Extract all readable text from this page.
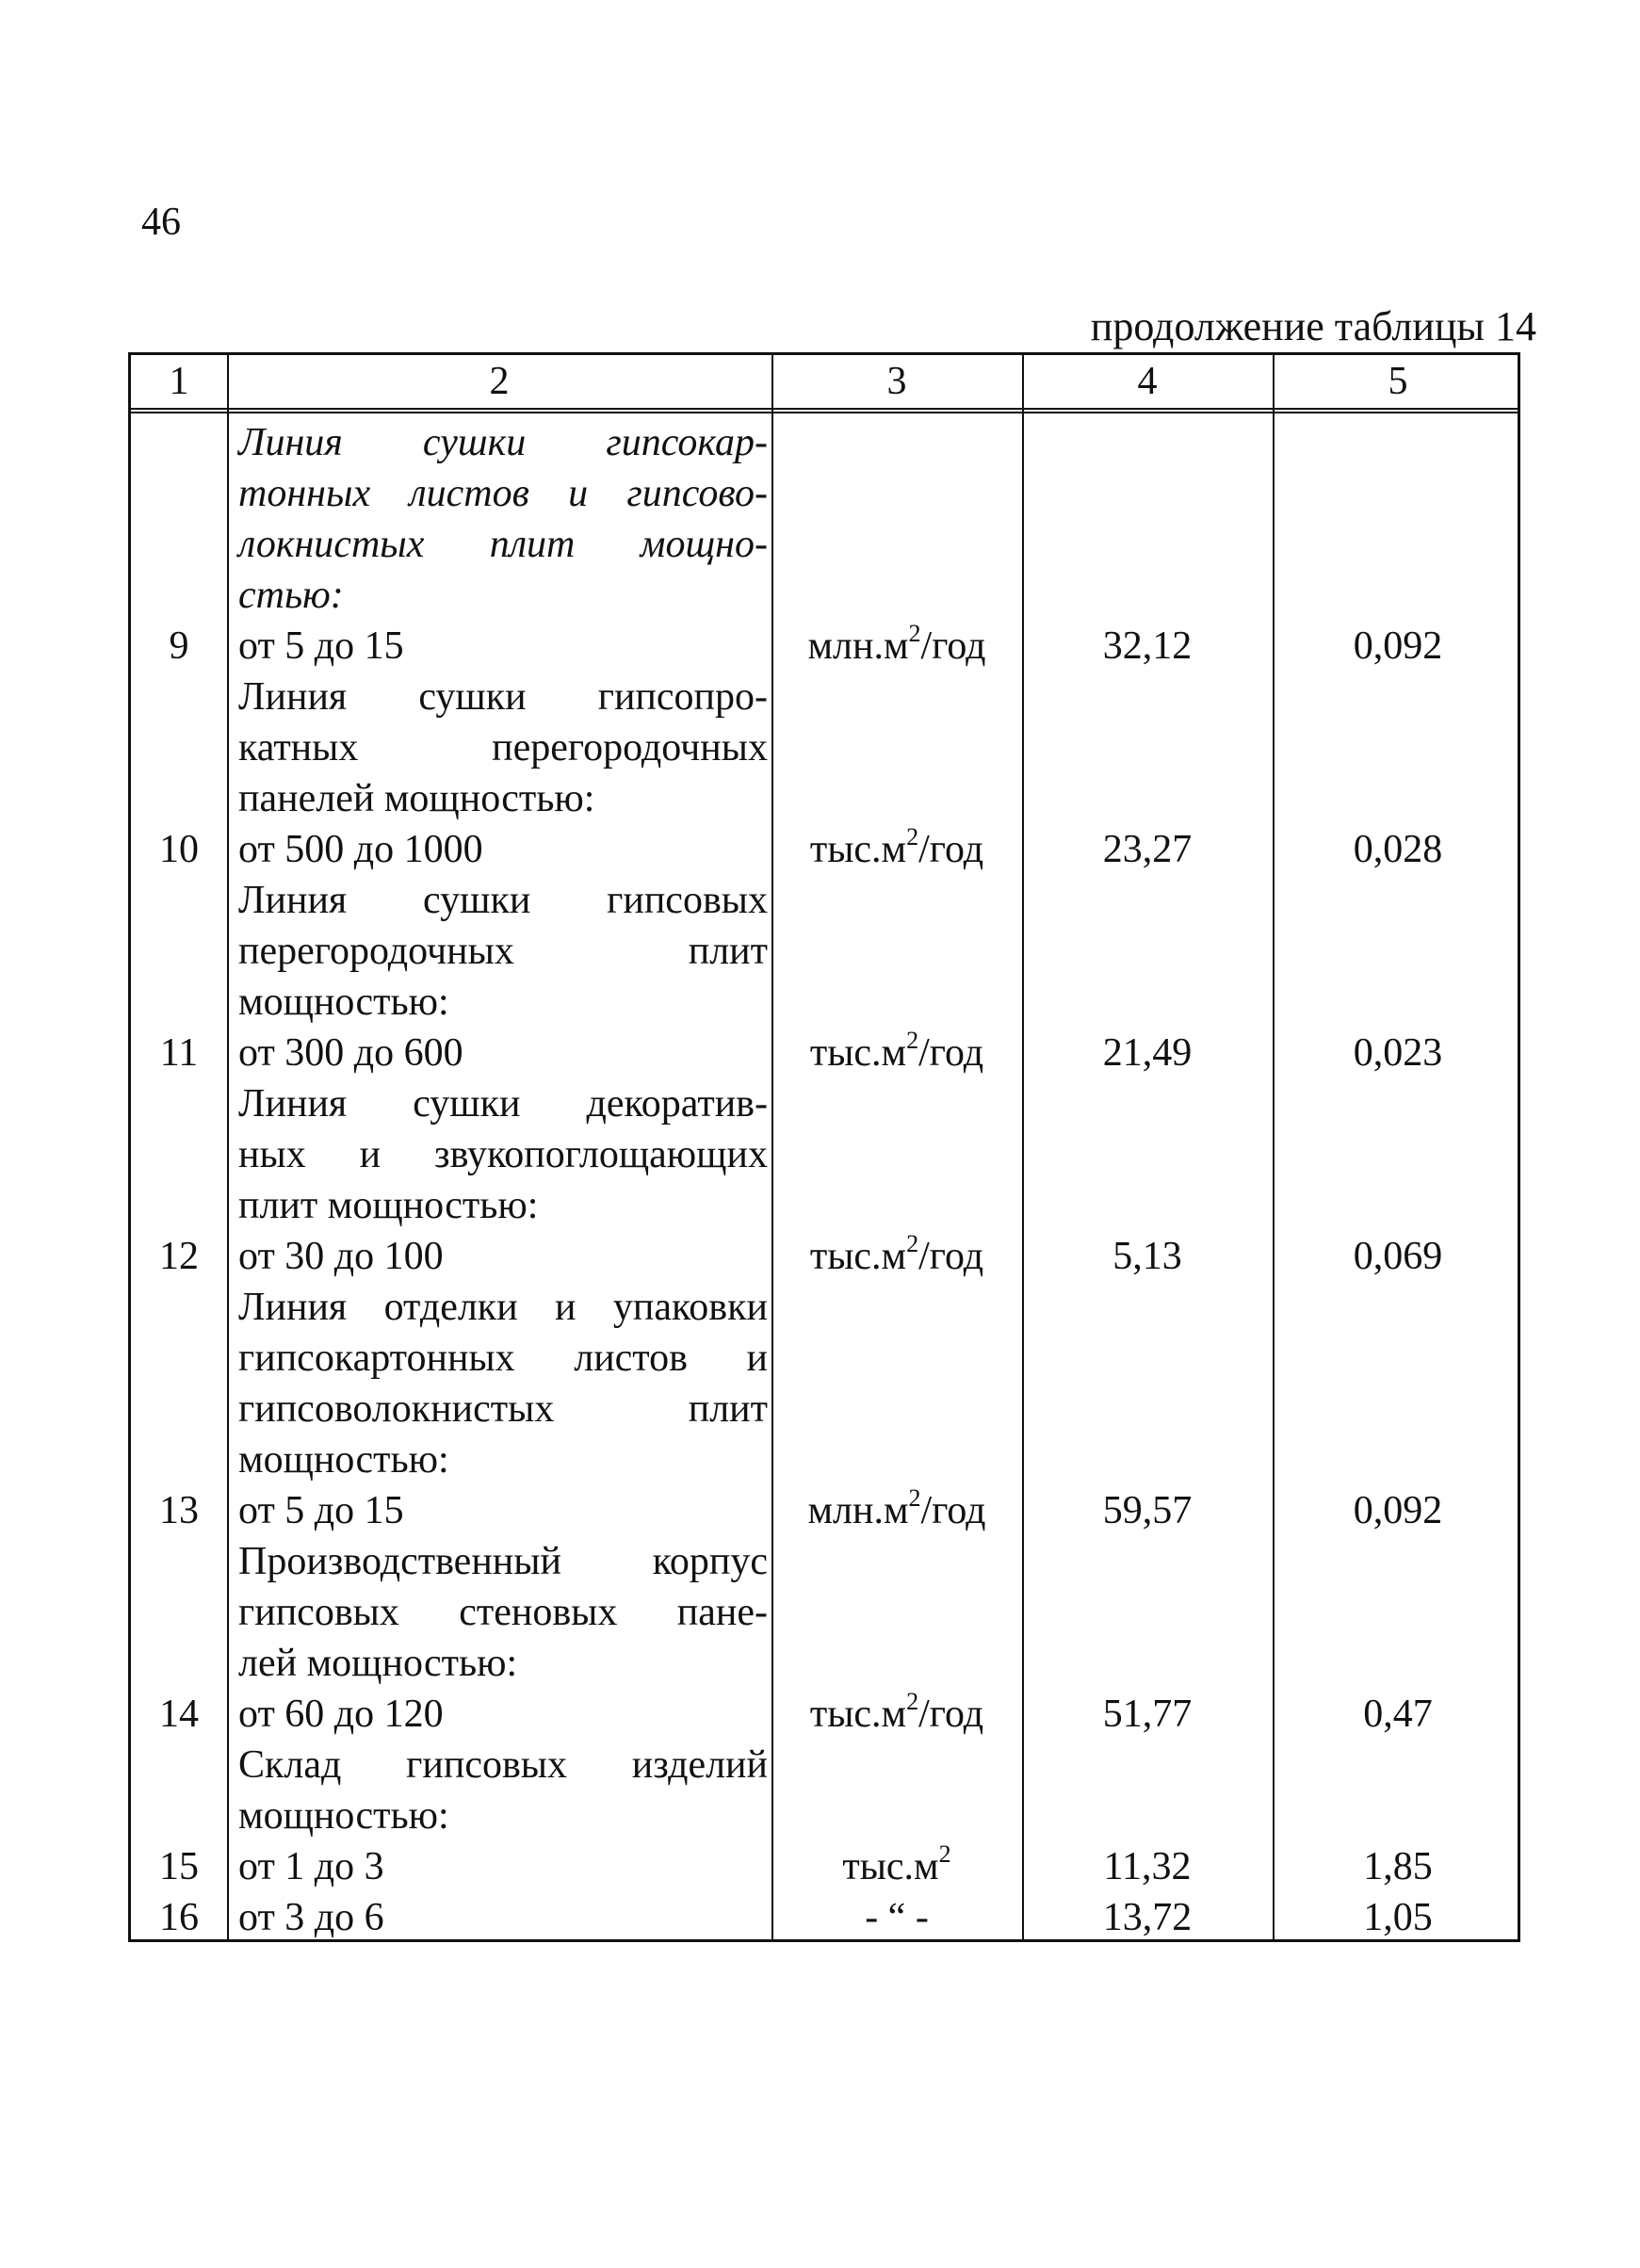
46
продолжение таблицы 14
1	2	3	4	5
Линия сушки гипсокар-
тонных листов и гипсово-
локнистых плит мощно-
стью:
9	от 5 до 15	$млн.м^2$/год	32,12	0,092
Линия сушки гипсопро-
катных перегородочных
панелей мощностью:
10	от 500 до 1000	$тыс.м^2$/год	23,27	0,028
Линия сушки гипсовых
перегородочных плит
мощностью:
11	от 300 до 600	$тыс.м^2$/год	21,49	0,023
Линия сушки декоратив-
ных и звукопоглощающих
плит мощностью:
12	от 30 до 100	$тыс.м^2$/год	5,13	0,069
Линия отделки и упаковки
гипсокартонных листов и
гипсоволокнистых плит
мощностью:
13	от 5 до 15	$млн.м^2$/год	59,57	0,092
Производственный корпус
гипсовых стеновых пане-
лей мощностью:
14	от 60 до 120	$тыс.м^2$/год	51,77	0,47
Склад гипсовых изделий
мощностью:
15	от 1 до 3	$тыс.м^2$	11,32	1,85
16	от 3 до 6	- “ -	13,72	1,05
